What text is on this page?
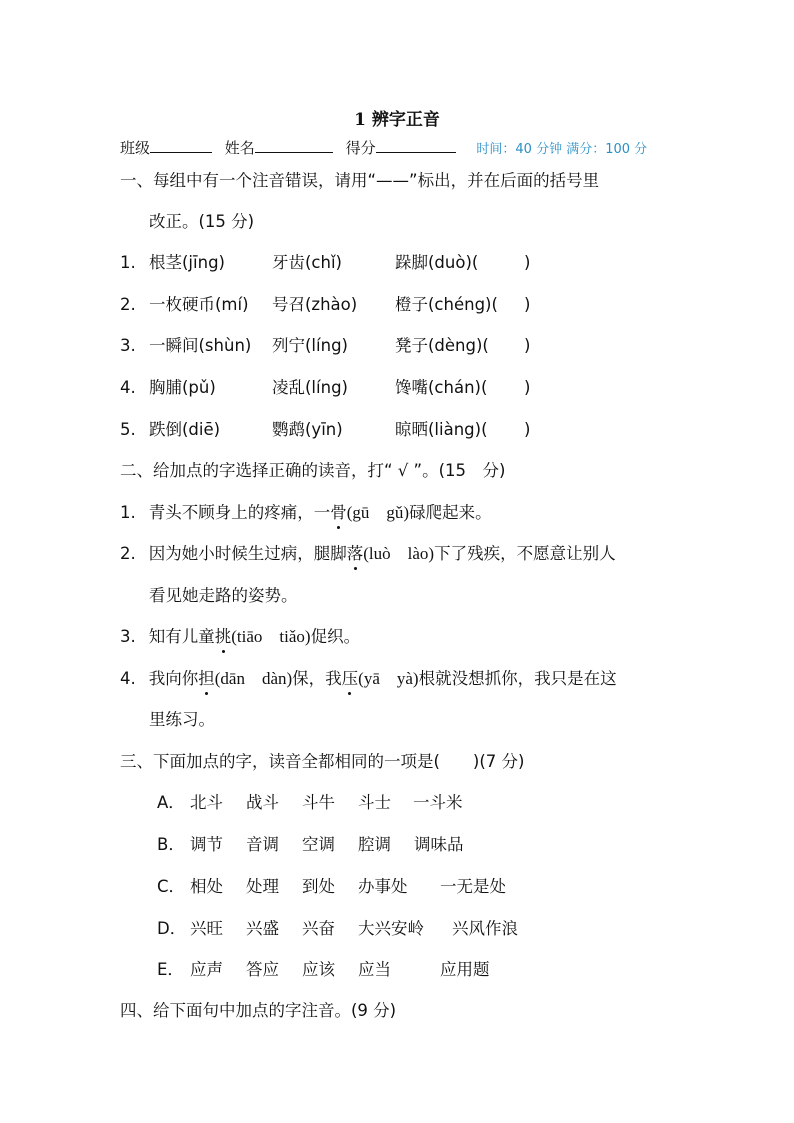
1 辨字正音
班级	姓名	得分	时间：40 分钟 满分：100 分
一、每组中有一个注音错误，请用“——”标出，并在后面的括号里
改正。(15 分)
1. 根茎(jīng)	牙齿(chǐ)	跺脚(duò)(	)
2. 一枚硬币(mí) 号召(zhào) 橙子(chéng)( )
3. 一瞬间(shùn) 列宁(líng)	凳子(dèng)( )
4. 胸脯(pǔ)	凌乱(líng)	馋嘴(chán)( )
5. 跌倒(diē)	鹦鹉(yīn)	晾晒(liàng)( )
二、给加点的字选择正确的读音，打“ √ ”。(15　分)
1. 青头不顾身上的疼痛，一骨(gū　gǔ)碌爬起来。
2. 因为她小时候生过病，腿脚落(luò　lào)下了残疾，不愿意让别人
看见她走路的姿势。
3. 知有儿童挑(tiāo　tiǎo)促织。
4. 我向你担(dān　dàn)保，我压(yā　yà)根就没想抓你，我只是在这
里练习。
三、下面加点的字，读音全都相同的一项是(　　)(7 分)
A． 北斗 战斗 斗牛 斗士 一斗米
B． 调节 音调 空调 腔调 调味品
C． 相处 处理 到处 办事处 一无是处
D． 兴旺 兴盛 兴奋 大兴安岭 兴风作浪
E． 应声 答应 应该 应当	应用题
四、给下面句中加点的字注音。(9 分)
